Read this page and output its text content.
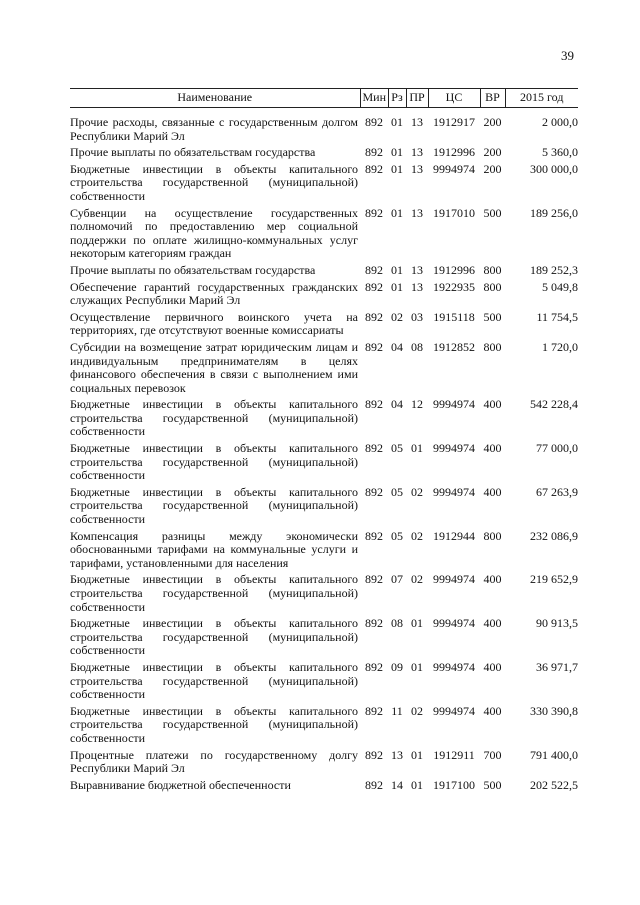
39
Наименование	Мин	Рз	ПР	ЦС	ВР	2015 год
Прочие расходы, связанные с государственным долгом Республики Марий Эл	892	01	13	1912917	200	2 000,0
Прочие выплаты по обязательствам государства	892	01	13	1912996	200	5 360,0
Бюджетные инвестиции в объекты капитального строительства государственной (муниципальной) собственности	892	01	13	9994974	200	300 000,0
Субвенции на осуществление государственных полномочий по предоставлению мер социальной поддержки по оплате жилищно-коммунальных услуг некоторым категориям граждан	892	01	13	1917010	500	189 256,0
Прочие выплаты по обязательствам государства	892	01	13	1912996	800	189 252,3
Обеспечение гарантий государственных гражданских служащих Республики Марий Эл	892	01	13	1922935	800	5 049,8
Осуществление первичного воинского учета на территориях, где отсутствуют военные комиссариаты	892	02	03	1915118	500	11 754,5
Субсидии на возмещение затрат юридическим лицам и индивидуальным предпринимателям в целях финансового обеспечения в связи с выполнением ими социальных перевозок	892	04	08	1912852	800	1 720,0
Бюджетные инвестиции в объекты капитального строительства государственной (муниципальной) собственности	892	04	12	9994974	400	542 228,4
Бюджетные инвестиции в объекты капитального строительства государственной (муниципальной) собственности	892	05	01	9994974	400	77 000,0
Бюджетные инвестиции в объекты капитального строительства государственной (муниципальной) собственности	892	05	02	9994974	400	67 263,9
Компенсация разницы между экономически обоснованными тарифами на коммунальные услуги и тарифами, установленными для населения	892	05	02	1912944	800	232 086,9
Бюджетные инвестиции в объекты капитального строительства государственной (муниципальной) собственности	892	07	02	9994974	400	219 652,9
Бюджетные инвестиции в объекты капитального строительства государственной (муниципальной) собственности	892	08	01	9994974	400	90 913,5
Бюджетные инвестиции в объекты капитального строительства государственной (муниципальной) собственности	892	09	01	9994974	400	36 971,7
Бюджетные инвестиции в объекты капитального строительства государственной (муниципальной) собственности	892	11	02	9994974	400	330 390,8
Процентные платежи по государственному долгу Республики Марий Эл	892	13	01	1912911	700	791 400,0
Выравнивание бюджетной обеспеченности	892	14	01	1917100	500	202 522,5
